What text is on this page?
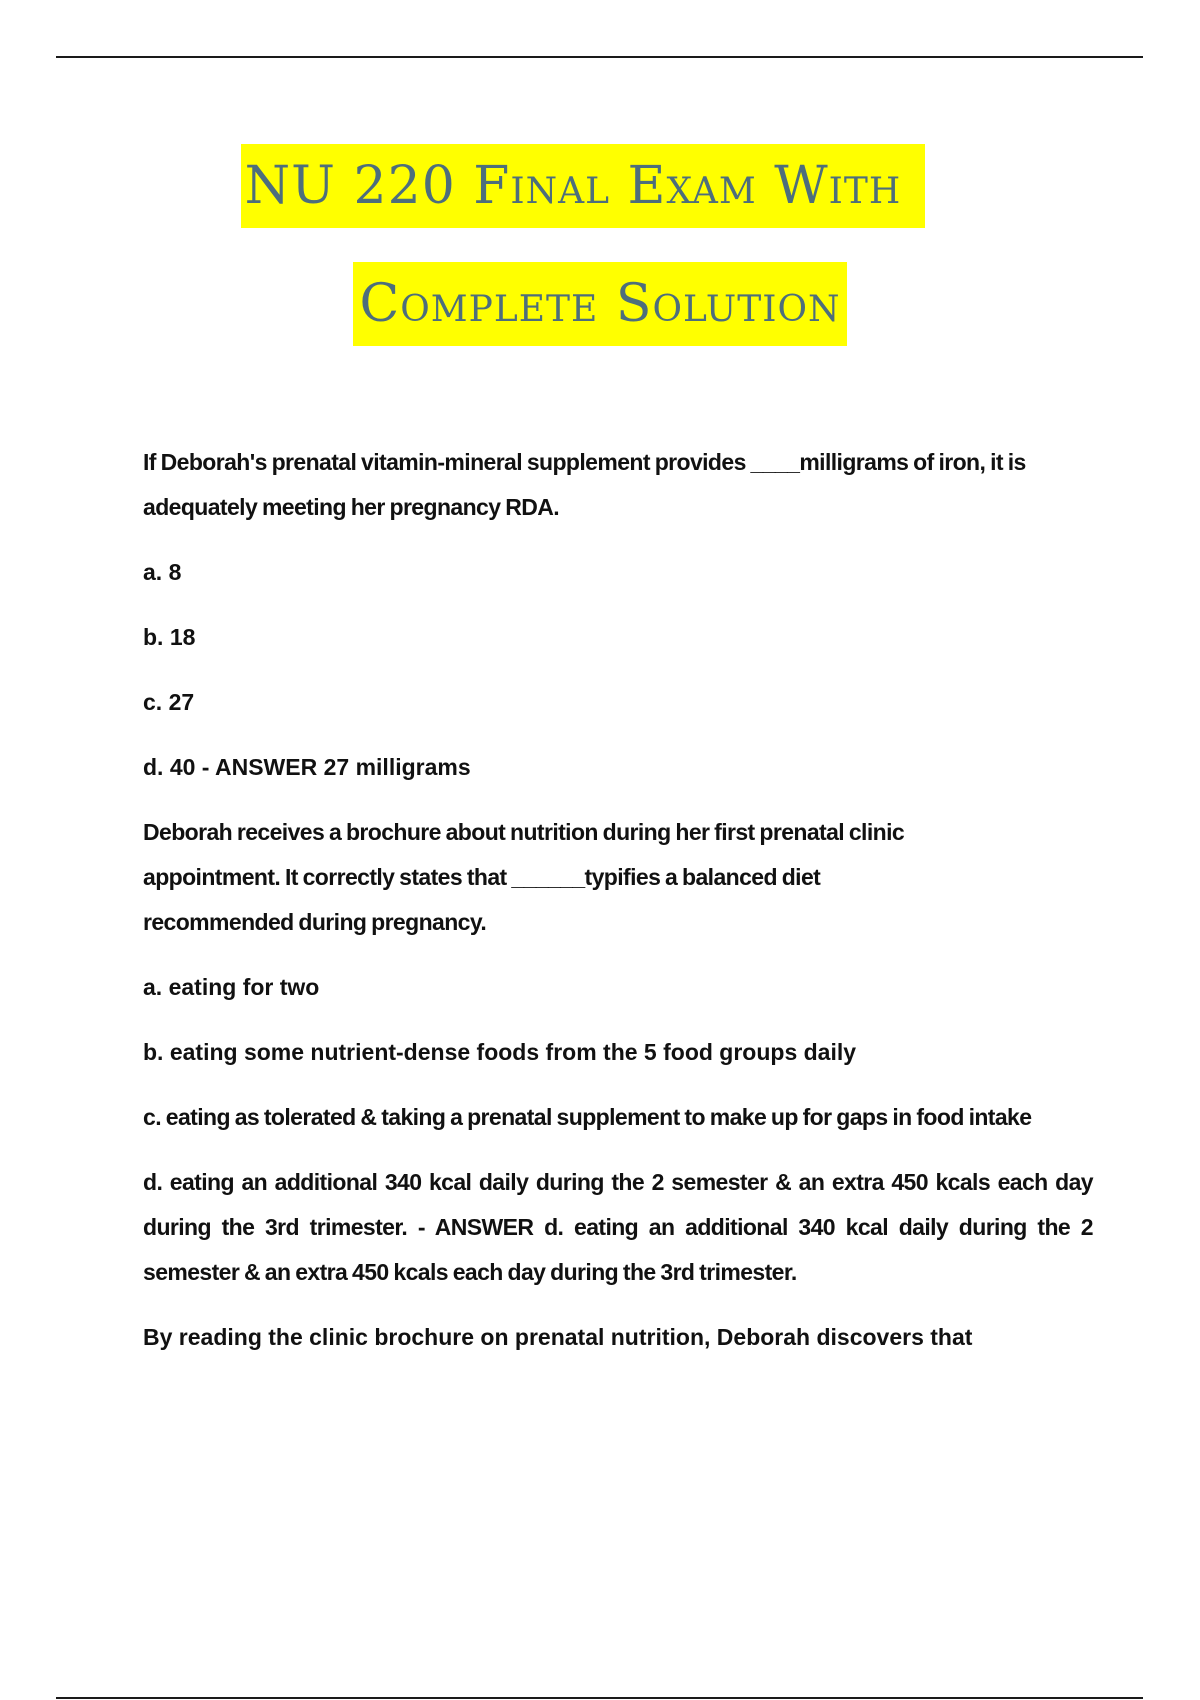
NU 220 Final Exam With
Complete Solution

If Deborah's prenatal vitamin-mineral supplement provides ____milligrams of iron, it is adequately meeting her pregnancy RDA.

a. 8

b. 18

c. 27

d. 40 - ANSWER 27 milligrams

Deborah receives a brochure about nutrition during her first prenatal clinic appointment. It correctly states that ______typifies a balanced diet recommended during pregnancy.

a. eating for two

b. eating some nutrient-dense foods from the 5 food groups daily

c. eating as tolerated & taking a prenatal supplement to make up for gaps in food intake

d. eating an additional 340 kcal daily during the 2 semester & an extra 450 kcals each day during the 3rd trimester. - ANSWER d. eating an additional 340 kcal daily during the 2 semester & an extra 450 kcals each day during the 3rd trimester.

By reading the clinic brochure on prenatal nutrition, Deborah discovers that
